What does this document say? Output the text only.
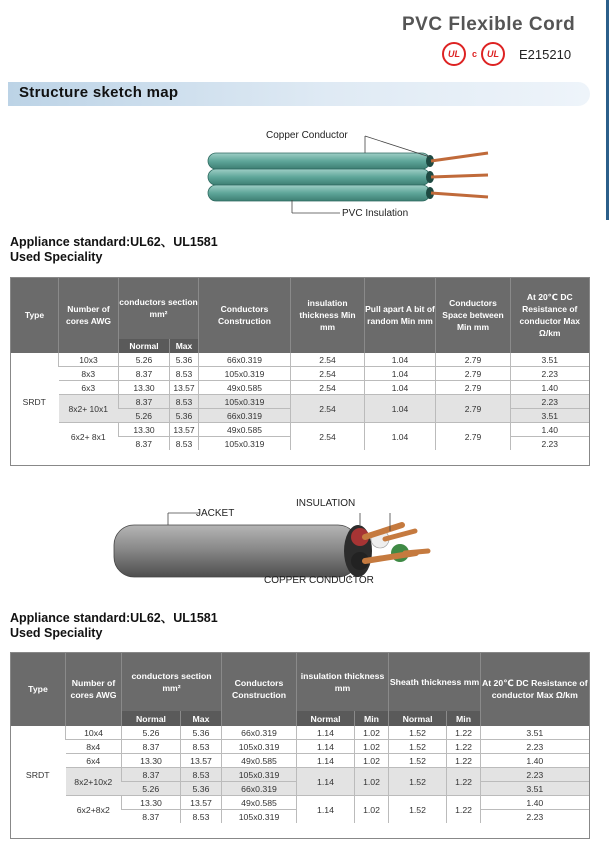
PVC Flexible Cord
UL c UL E215210
Structure sketch map
Copper Conductor
PVC Insulation
Appliance standard:UL62、UL1581
Used Speciality
Type	Number of cores AWG	conductors section mm²		Conductors Construction	insulation thickness Min mm	Pull apart A bit of random Min mm	Conductors Space between Min mm	At 20℃ DC Resistance of conductor Max Ω/km
		Normal	Max					
SRDT	10x3	5.26	5.36	66x0.319	2.54	1.04	2.79	3.51
	8x3	8.37	8.53	105x0.319	2.54	1.04	2.79	2.23
	6x3	13.30	13.57	49x0.585	2.54	1.04	2.79	1.40
	8x2+ 10x1	8.37	8.53	105x0.319	2.54	1.04	2.79	2.23
		5.26	5.36	66x0.319				3.51
	6x2+ 8x1	13.30	13.57	49x0.585	2.54	1.04	2.79	1.40
		8.37	8.53	105x0.319				2.23
JACKET
INSULATION
COPPER CONDUCTOR
Appliance standard:UL62、UL1581
Used Speciality
Type	Number of cores AWG	conductors section mm²		Conductors Construction	insulation thickness mm		Sheath thickness mm		At 20℃ DC Resistance of conductor Max Ω/km
		Normal	Max		Normal	Min	Normal	Min	
SRDT	10x4	5.26	5.36	66x0.319	1.14	1.02	1.52	1.22	3.51
	8x4	8.37	8.53	105x0.319	1.14	1.02	1.52	1.22	2.23
	6x4	13.30	13.57	49x0.585	1.14	1.02	1.52	1.22	1.40
	8x2+10x2	8.37	8.53	105x0.319	1.14	1.02	1.52	1.22	2.23
		5.26	5.36	66x0.319					3.51
	6x2+8x2	13.30	13.57	49x0.585	1.14	1.02	1.52	1.22	1.40
		8.37	8.53	105x0.319					2.23
